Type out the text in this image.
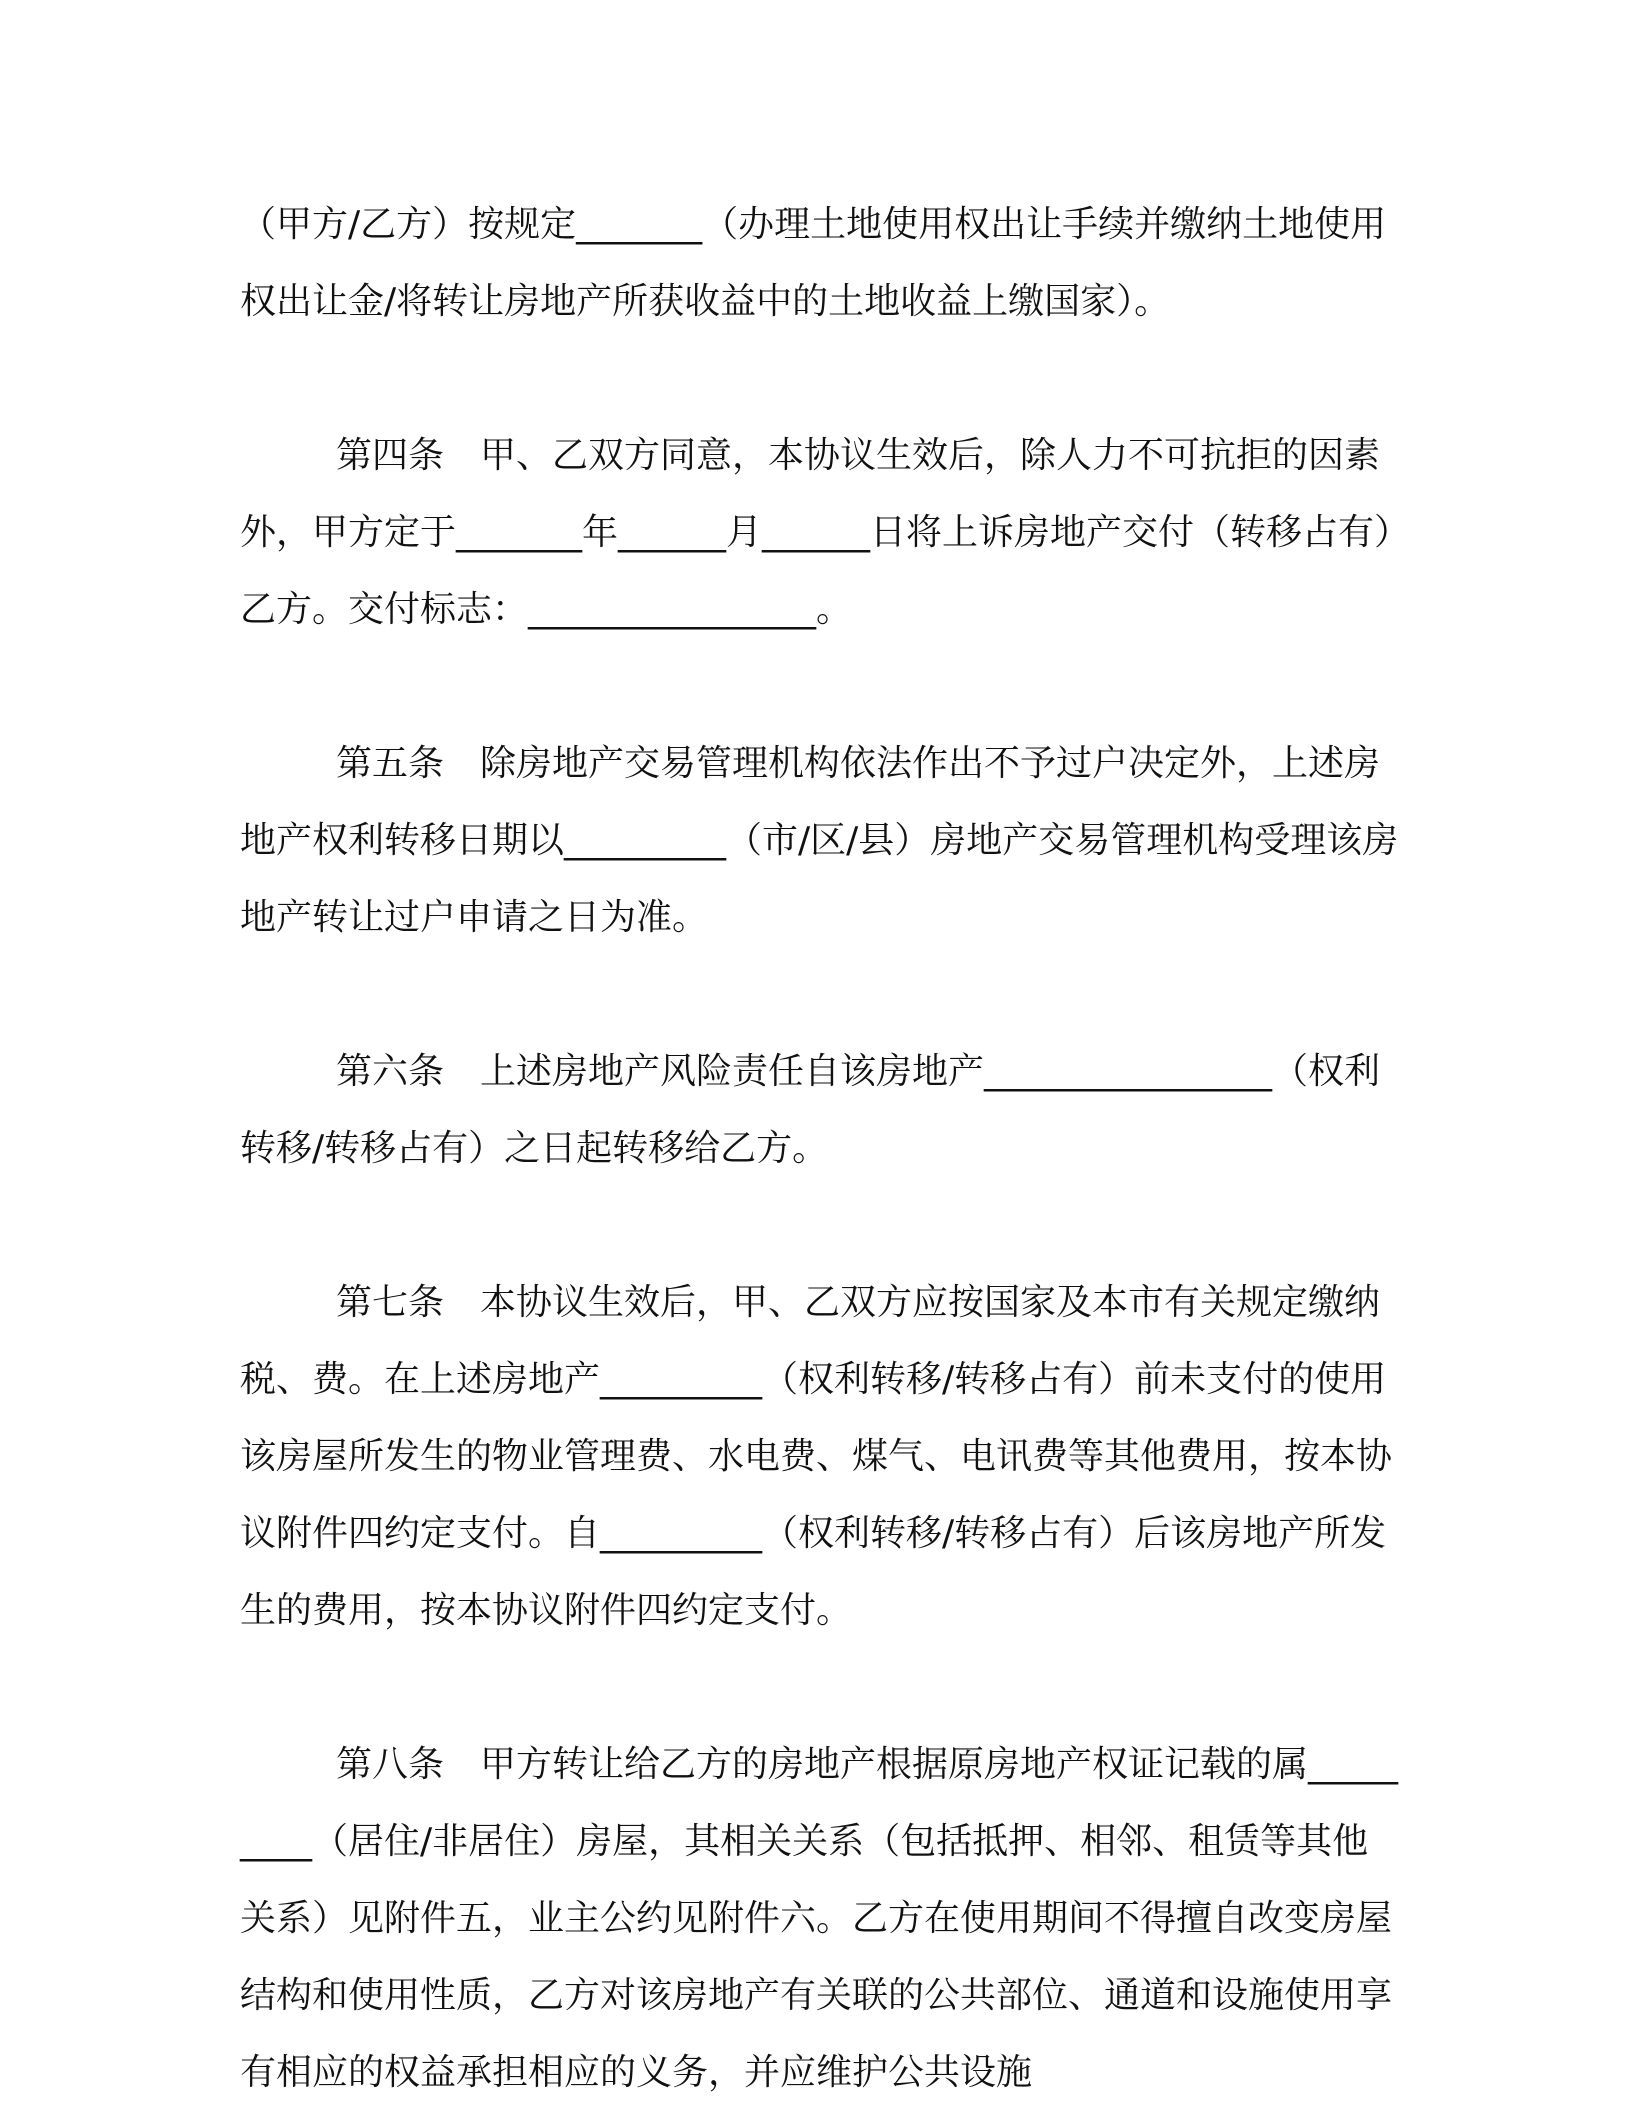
（甲方/乙方）按规定_______（办理土地使用权出让手续并缴纳土地使用权出让金/将转让房地产所获收益中的土地收益上缴国家）。

第四条　甲、乙双方同意，本协议生效后，除人力不可抗拒的因素外，甲方定于_______年______月______日将上诉房地产交付（转移占有）乙方。交付标志：________________。

第五条　除房地产交易管理机构依法作出不予过户决定外，上述房地产权利转移日期以_________（市/区/县）房地产交易管理机构受理该房地产转让过户申请之日为准。

第六条　上述房地产风险责任自该房地产________________（权利转移/转移占有）之日起转移给乙方。

第七条　本协议生效后，甲、乙双方应按国家及本市有关规定缴纳税、费。在上述房地产_________（权利转移/转移占有）前未支付的使用该房屋所发生的物业管理费、水电费、煤气、电讯费等其他费用，按本协议附件四约定支付。自_________（权利转移/转移占有）后该房地产所发生的费用，按本协议附件四约定支付。

第八条　甲方转让给乙方的房地产根据原房地产权证记载的属_________（居住/非居住）房屋，其相关关系（包括抵押、相邻、租赁等其他关系）见附件五，业主公约见附件六。乙方在使用期间不得擅自改变房屋结构和使用性质，乙方对该房地产有关联的公共部位、通道和设施使用享有相应的权益承担相应的义务，并应维护公共设施
